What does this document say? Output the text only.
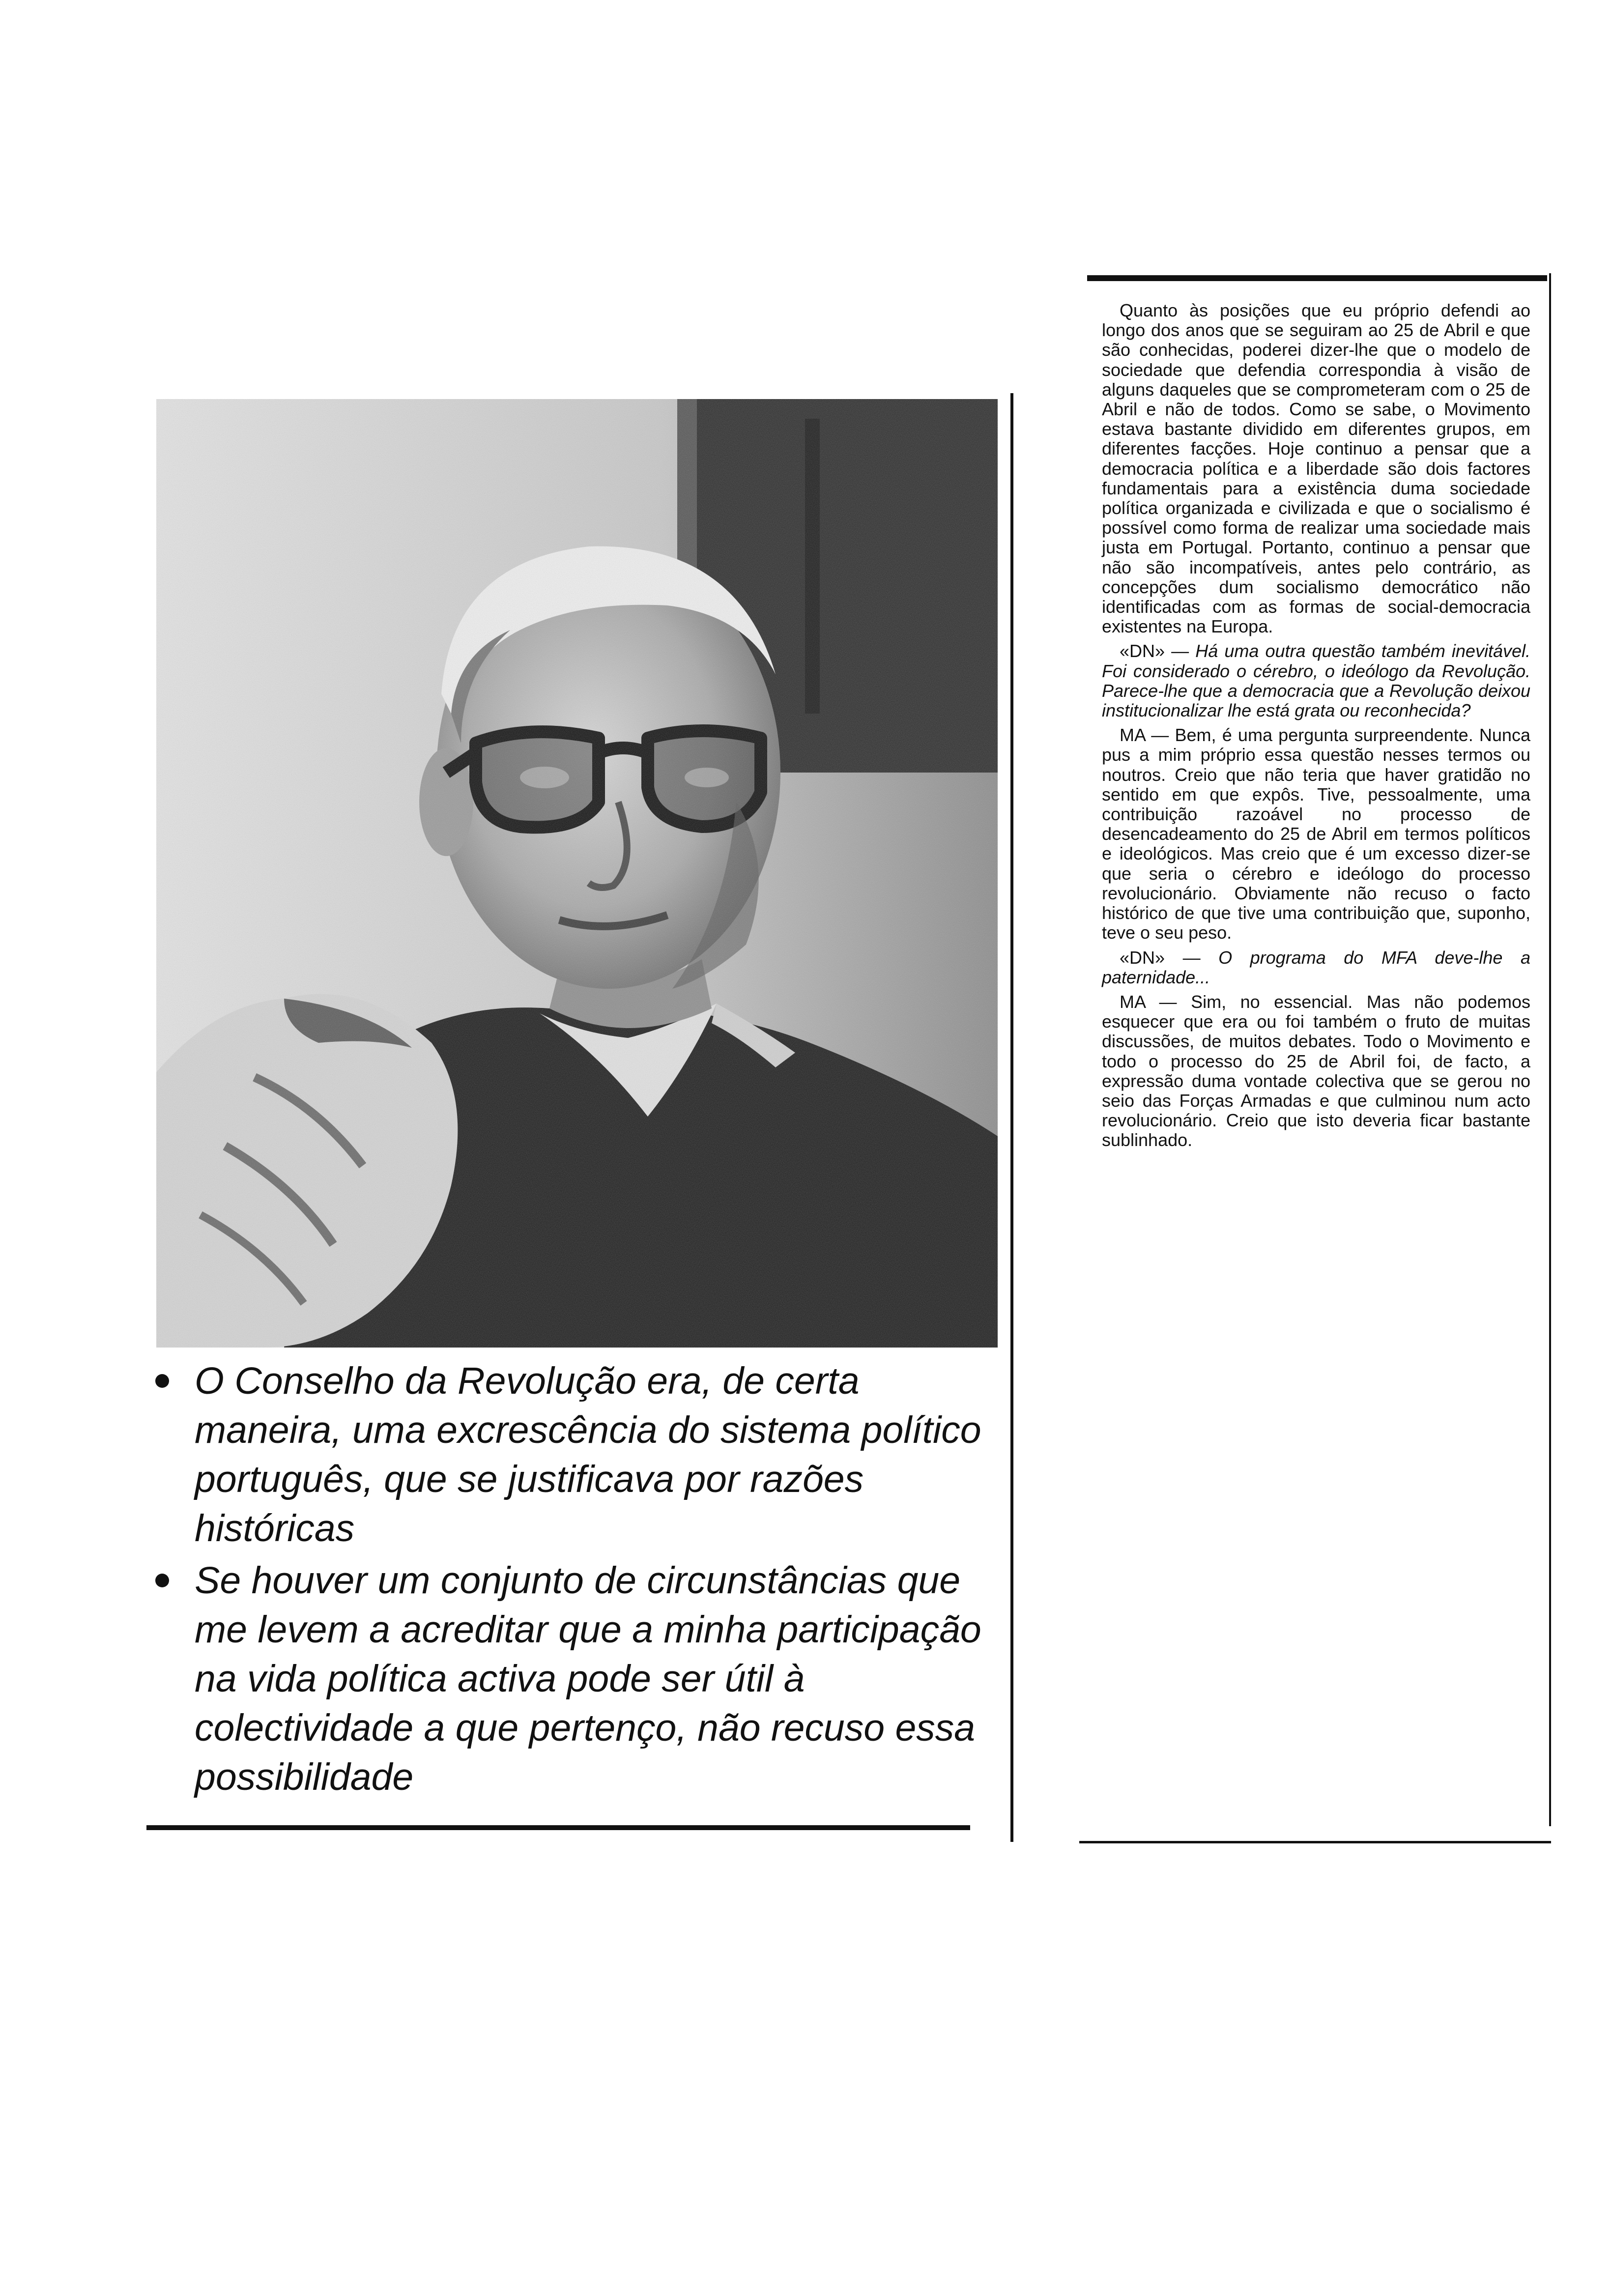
O Conselho da Revolução era, de certa maneira, uma excrescência do sistema político português, que se justificava por razões históricas
Se houver um conjunto de circunstâncias que me levem a acreditar que a minha participação na vida política activa pode ser útil à colectividade a que pertenço, não recuso essa possibilidade

Quanto às posições que eu próprio defendi ao longo dos anos que se seguiram ao 25 de Abril e que são conhecidas, poderei dizer-lhe que o modelo de sociedade que defendia correspondia à visão de alguns daqueles que se comprometeram com o 25 de Abril e não de todos. Como se sabe, o Movimento estava bastante dividido em diferentes grupos, em diferentes facções. Hoje continuo a pensar que a democracia política e a liberdade são dois factores fundamentais para a existência duma sociedade política organizada e civilizada e que o socialismo é possível como forma de realizar uma sociedade mais justa em Portugal. Portanto, continuo a pensar que não são incompatíveis, antes pelo contrário, as concepções dum socialismo democrático não identificadas com as formas de social-democracia existentes na Europa.

«DN» — Há uma outra questão também inevitável. Foi considerado o cérebro, o ideólogo da Revolução. Parece-lhe que a democracia que a Revolução deixou institucionalizar lhe está grata ou reconhecida?

MA — Bem, é uma pergunta surpreendente. Nunca pus a mim próprio essa questão nesses termos ou noutros. Creio que não teria que haver gratidão no sentido em que expôs. Tive, pessoalmente, uma contribuição razoável no processo de desencadeamento do 25 de Abril em termos políticos e ideológicos. Mas creio que é um excesso dizer-se que seria o cérebro e ideólogo do processo revolucionário. Obviamente não recuso o facto histórico de que tive uma contribuição que, suponho, teve o seu peso.

«DN» — O programa do MFA deve-lhe a paternidade...

MA — Sim, no essencial. Mas não podemos esquecer que era ou foi também o fruto de muitas discussões, de muitos debates. Todo o Movimento e todo o processo do 25 de Abril foi, de facto, a expressão duma vontade colectiva que se gerou no seio das Forças Armadas e que culminou num acto revolucionário. Creio que isto deveria ficar bastante sublinhado.
